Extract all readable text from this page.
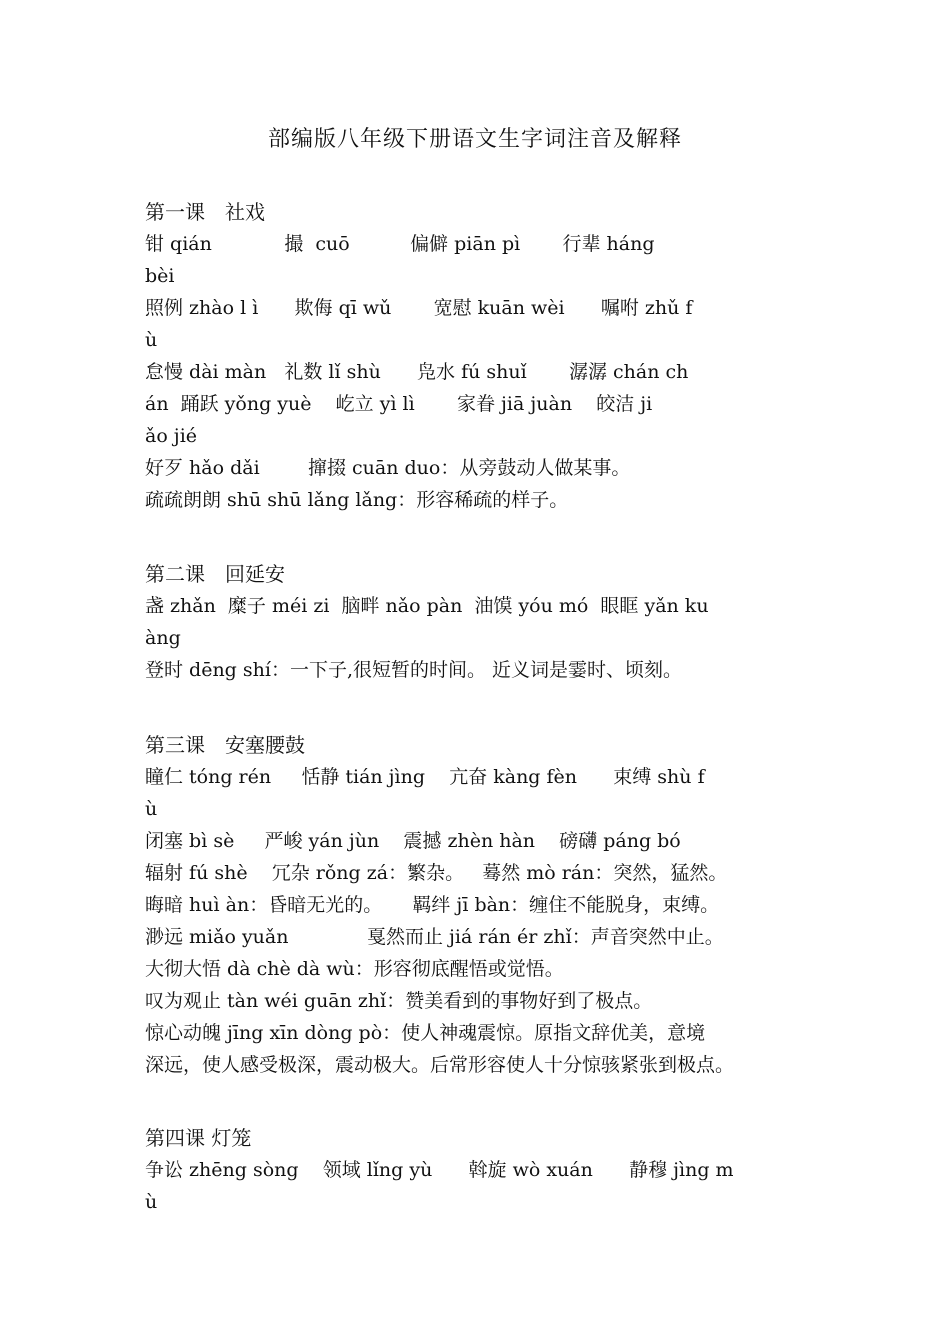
部编版八年级下册语文生字词注音及解释
第一课　社戏
钳 qián            撮  cuō          偏僻 piān pì       行辈 háng
bèi
照例 zhào l ì      欺侮 qī wǔ       宽慰 kuān wèi      嘱咐 zhǔ f
ù
怠慢 dài màn   礼数 lǐ shù      凫水 fú shuǐ       潺潺 chán ch
án  踊跃 yǒng yuè    屹立 yì lì       家眷 jiā juàn    皎洁 ji
ǎo jié
好歹 hǎo dǎi        撺掇 cuān duo：从旁鼓动人做某事。
疏疏朗朗 shū shū lǎng lǎng：形容稀疏的样子。
第二课　回延安
盏 zhǎn  糜子 méi zi  脑畔 nǎo pàn  油馍 yóu mó  眼眶 yǎn ku
àng
登时 dēng shí：一下子,很短暂的时间。 近义词是霎时、顷刻。
第三课　安塞腰鼓
瞳仁 tóng rén     恬静 tián jìng    亢奋 kàng fèn      束缚 shù f
ù
闭塞 bì sè     严峻 yán jùn    震撼 zhèn hàn    磅礴 páng bó
辐射 fú shè    冗杂 rǒng zá：繁杂。   蓦然 mò rán：突然，猛然。
晦暗 huì àn：昏暗无光的。     羁绊 jī bàn：缠住不能脱身，束缚。
渺远 miǎo yuǎn             戛然而止 jiá rán ér zhǐ：声音突然中止。
大彻大悟 dà chè dà wù：形容彻底醒悟或觉悟。
叹为观止 tàn wéi guān zhǐ：赞美看到的事物好到了极点。
惊心动魄 jīng xīn dòng pò：使人神魂震惊。原指文辞优美，意境
深远，使人感受极深，震动极大。后常形容使人十分惊骇紧张到极点。
第四课 灯笼
争讼 zhēng sòng    领域 lǐng yù      斡旋 wò xuán      静穆 jìng m
ù
